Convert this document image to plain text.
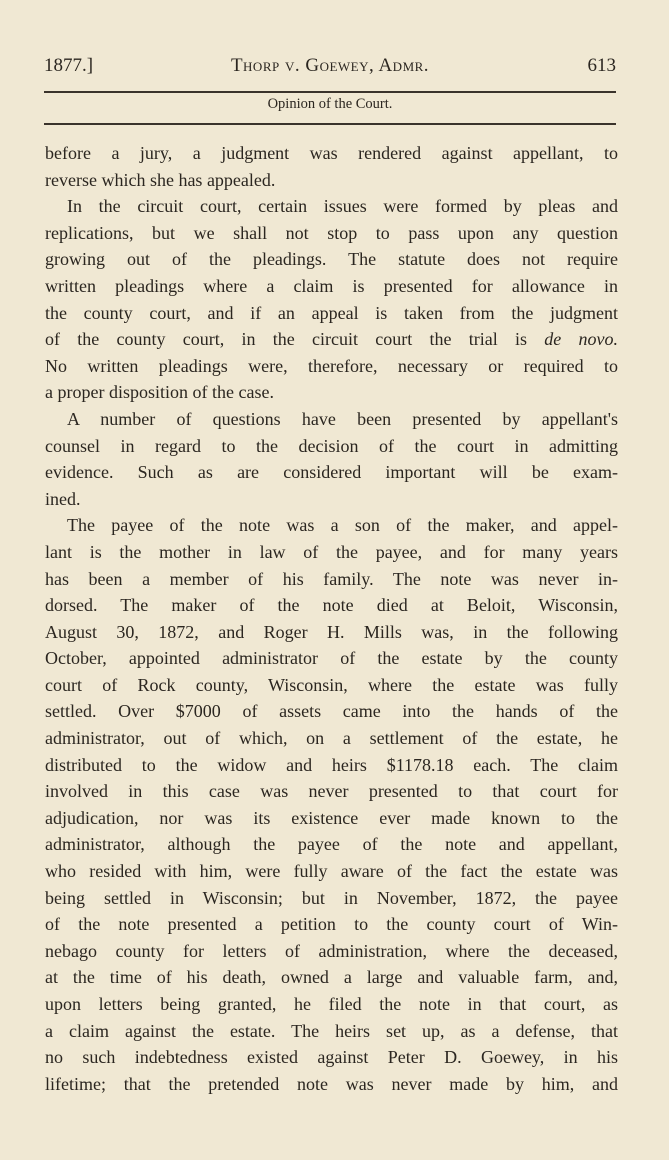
1877.]	Thorp v. Goewey, Admr.	613
Opinion of the Court.
before a jury, a judgment was rendered against appellant, to
reverse which she has appealed.
In the circuit court, certain issues were formed by pleas and
replications, but we shall not stop to pass upon any question
growing out of the pleadings. The statute does not require
written pleadings where a claim is presented for allowance in
the county court, and if an appeal is taken from the judgment
of the county court, in the circuit court the trial is de novo.
No written pleadings were, therefore, necessary or required to
a proper disposition of the case.
A number of questions have been presented by appellant's
counsel in regard to the decision of the court in admitting
evidence. Such as are considered important will be exam-
ined.
The payee of the note was a son of the maker, and appel-
lant is the mother in law of the payee, and for many years
has been a member of his family. The note was never in-
dorsed. The maker of the note died at Beloit, Wisconsin,
August 30, 1872, and Roger H. Mills was, in the following
October, appointed administrator of the estate by the county
court of Rock county, Wisconsin, where the estate was fully
settled. Over $7000 of assets came into the hands of the
administrator, out of which, on a settlement of the estate, he
distributed to the widow and heirs $1178.18 each. The claim
involved in this case was never presented to that court for
adjudication, nor was its existence ever made known to the
administrator, although the payee of the note and appellant,
who resided with him, were fully aware of the fact the estate was
being settled in Wisconsin; but in November, 1872, the payee
of the note presented a petition to the county court of Win-
nebago county for letters of administration, where the deceased,
at the time of his death, owned a large and valuable farm, and,
upon letters being granted, he filed the note in that court, as
a claim against the estate. The heirs set up, as a defense, that
no such indebtedness existed against Peter D. Goewey, in his
lifetime; that the pretended note was never made by him, and
